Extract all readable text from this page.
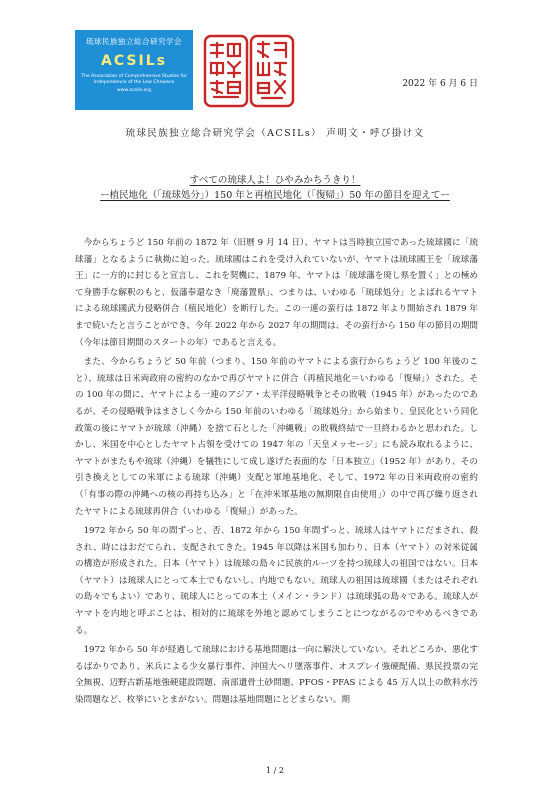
琉球民族独立総合研究学会
ACSILs
The Association of Comprehensive Studies for Independence of the Lew Chewans
www.acsils.org
2022 年 6 月 6 日
琉球民族独立総合研究学会（ACSILs） 声明文・呼び掛け文
すべての琉球人よ！ひやみかちうきり！
ー植民地化（「琉球処分」）150 年と再植民地化（「復帰」）50 年の節目を迎えてー

今からちょうど 150 年前の 1872 年（旧暦 9 月 14 日）、ヤマトは当時独立国であった琉球國に「琉球藩」となるように執拗に迫った。琉球國はこれを受け入れていないが、ヤマトは琉球國王を「琉球藩王」に一方的に封じると宣言し、これを契機に、1879 年、ヤマトは「琉球藩を廃し県を置く」との極めて身勝手な解釈のもと、仮藩奉還なき「廃藩置県」、つまりは、いわゆる「琉球処分」とよばれるヤマトによる琉球國武力侵略併合（植民地化）を断行した。この一連の蛮行は 1872 年より開始され 1879 年まで続いたと言うことができ、今年 2022 年から 2027 年の期間は、その蛮行から 150 年の節目の期間（今年は節目期間のスタートの年）であると言える。

また、今からちょうど 50 年前（つまり、150 年前のヤマトによる蛮行からちょうど 100 年後のこと）、琉球は日米両政府の密約のなかで再びヤマトに併合（再植民地化＝いわゆる「復帰」）された。その 100 年の間に、ヤマトによる一連のアジア・太平洋侵略戦争とその敗戦（1945 年）があったのであるが、その侵略戦争はまさしく今から 150 年前のいわゆる「琉球処分」から始まり、皇民化という同化政策の後にヤマトが琉球（沖縄）を捨て石とした「沖縄戦」の敗戦終結で一旦終わるかと思われた。しかし、米国を中心としたヤマト占領を受けての 1947 年の「天皇メッセージ」にも読み取れるように、ヤマトがまたもや琉球（沖縄）を犠牲にして成し遂げた表面的な「日本独立」（1952 年）があり、その引き換えとしての米軍による琉球（沖縄）支配と軍地基地化、そして、1972 年の日米両政府の密約（「有事の際の沖縄への核の再持ち込み」と「在沖米軍基地の無期限自由使用」）の中で再び繰り返されたヤマトによる琉球再併合（いわゆる「復帰」）があった。

1972 年から 50 年の間ずっと、否、1872 年から 150 年間ずっと、琉球人はヤマトにだまされ、殺され、時にはおだてられ、支配されてきた。1945 年以降は米国も加わり、日本（ヤマト）の対米従属の構造が形成された。日本（ヤマト）は琉球の島々に民族的ルーツを持つ琉球人の祖国ではない。日本（ヤマト）は琉球人にとって本土でもないし、内地でもない。琉球人の祖国は琉球國（またはそれぞれの島々でもよい）であり、琉球人にとっての本土（メイン・ランド）は琉球弧の島々である。琉球人がヤマトを内地と呼ぶことは、相対的に琉球を外地と認めてしまうことにつながるのでやめるべきである。

1972 年から 50 年が経過して琉球における基地問題は一向に解決していない。それどころか、悪化するばかりであり、米兵による少女暴行事件、沖国大ヘリ墜落事件、オスプレイ強硬配備、県民投票の完全無視、辺野古新基地強硬建設問題、南部遺骨土砂問題、PFOS・PFAS による 45 万人以上の飲料水汚染問題など、枚挙にいとまがない。問題は基地問題にとどまらない。期

1 / 2
